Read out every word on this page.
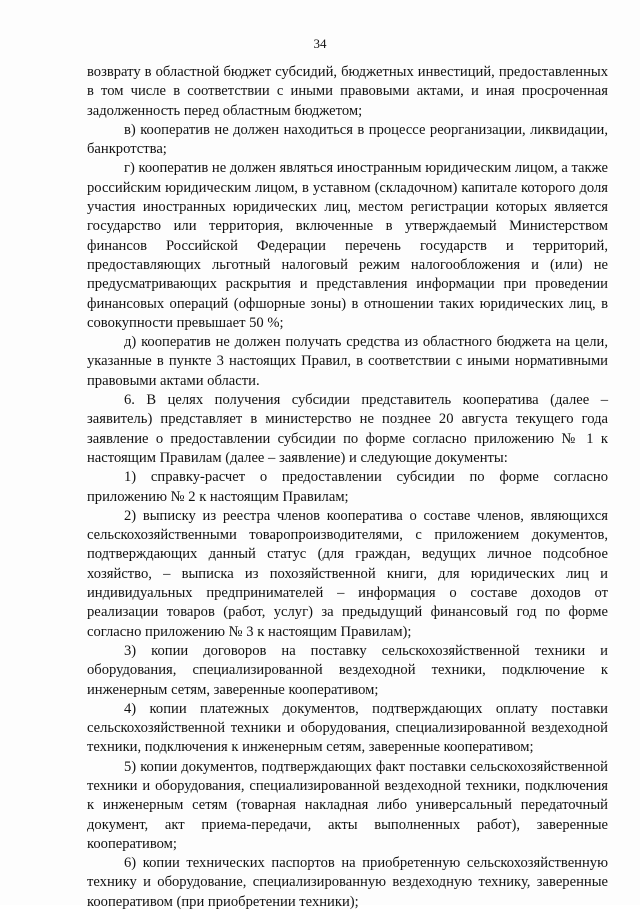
34

возврату в областной бюджет субсидий, бюджетных инвестиций, предоставленных в том числе в соответствии с иными правовыми актами, и иная просроченная задолженность перед областным бюджетом;

в) кооператив не должен находиться в процессе реорганизации, ликвидации, банкротства;

г) кооператив не должен являться иностранным юридическим лицом, а также российским юридическим лицом, в уставном (складочном) капитале которого доля участия иностранных юридических лиц, местом регистрации которых является государство или территория, включенные в утверждаемый Министерством финансов Российской Федерации перечень государств и территорий, предоставляющих льготный налоговый режим налогообложения и (или) не предусматривающих раскрытия и представления информации при проведении финансовых операций (офшорные зоны) в отношении таких юридических лиц, в совокупности превышает 50 %;

д) кооператив не должен получать средства из областного бюджета на цели, указанные в пункте 3 настоящих Правил, в соответствии с иными нормативными правовыми актами области.

6. В целях получения субсидии представитель кооператива (далее – заявитель) представляет в министерство не позднее 20 августа текущего года заявление о предоставлении субсидии по форме согласно приложению № 1 к настоящим Правилам (далее – заявление) и следующие документы:

1) справку-расчет о предоставлении субсидии по форме согласно приложению № 2 к настоящим Правилам;

2) выписку из реестра членов кооператива о составе членов, являющихся сельскохозяйственными товаропроизводителями, с приложением документов, подтверждающих данный статус (для граждан, ведущих личное подсобное хозяйство, – выписка из похозяйственной книги, для юридических лиц и индивидуальных предпринимателей – информация о составе доходов от реализации товаров (работ, услуг) за предыдущий финансовый год по форме согласно приложению № 3 к настоящим Правилам);

3) копии договоров на поставку сельскохозяйственной техники и оборудования, специализированной вездеходной техники, подключение к инженерным сетям, заверенные кооперативом;

4) копии платежных документов, подтверждающих оплату поставки сельскохозяйственной техники и оборудования, специализированной вездеходной техники, подключения к инженерным сетям, заверенные кооперативом;

5) копии документов, подтверждающих факт поставки сельскохозяйственной техники и оборудования, специализированной вездеходной техники, подключения к инженерным сетям (товарная накладная либо универсальный передаточный документ, акт приема-передачи, акты выполненных работ), заверенные кооперативом;

6) копии технических паспортов на приобретенную сельскохозяйственную технику и оборудование, специализированную вездеходную технику, заверенные кооперативом (при приобретении техники);
